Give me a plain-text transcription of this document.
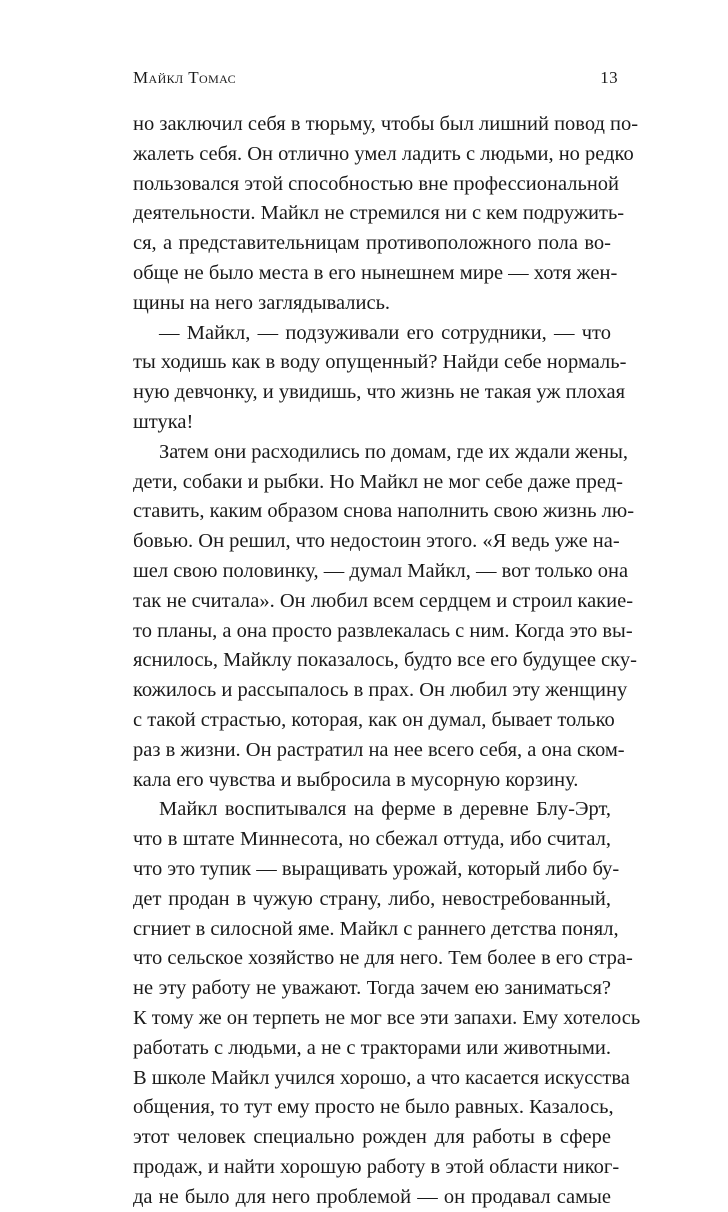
Майкл Томас	13
но заключил себя в тюрьму, чтобы был лишний повод по-
жалеть себя. Он отлично умел ладить с людьми, но редко
пользовался этой способностью вне профессиональной
деятельности. Майкл не стремился ни с кем подружить-
ся, а представительницам противоположного пола во-
обще не было места в его нынешнем мире — хотя жен-
щины на него заглядывались.
— Майкл, — подзуживали его сотрудники, — что
ты ходишь как в воду опущенный? Найди себе нормаль-
ную девчонку, и увидишь, что жизнь не такая уж плохая
штука!
Затем они расходились по домам, где их ждали жены,
дети, собаки и рыбки. Но Майкл не мог себе даже пред-
ставить, каким образом снова наполнить свою жизнь лю-
бовью. Он решил, что недостоин этого. «Я ведь уже на-
шел свою половинку, — думал Майкл, — вот только она
так не считала». Он любил всем сердцем и строил какие-
то планы, а она просто развлекалась с ним. Когда это вы-
яснилось, Майклу показалось, будто все его будущее ску-
кожилось и рассыпалось в прах. Он любил эту женщину
с такой страстью, которая, как он думал, бывает только
раз в жизни. Он растратил на нее всего себя, а она ском-
кала его чувства и выбросила в мусорную корзину.
Майкл воспитывался на ферме в деревне Блу-Эрт,
что в штате Миннесота, но сбежал оттуда, ибо считал,
что это тупик — выращивать урожай, который либо бу-
дет продан в чужую страну, либо, невостребованный,
сгниет в силосной яме. Майкл с раннего детства понял,
что сельское хозяйство не для него. Тем более в его стра-
не эту работу не уважают. Тогда зачем ею заниматься?
К тому же он терпеть не мог все эти запахи. Ему хотелось
работать с людьми, а не с тракторами или животными.
В школе Майкл учился хорошо, а что касается искусства
общения, то тут ему просто не было равных. Казалось,
этот человек специально рожден для работы в сфере
продаж, и найти хорошую работу в этой области никог-
да не было для него проблемой — он продавал самые
